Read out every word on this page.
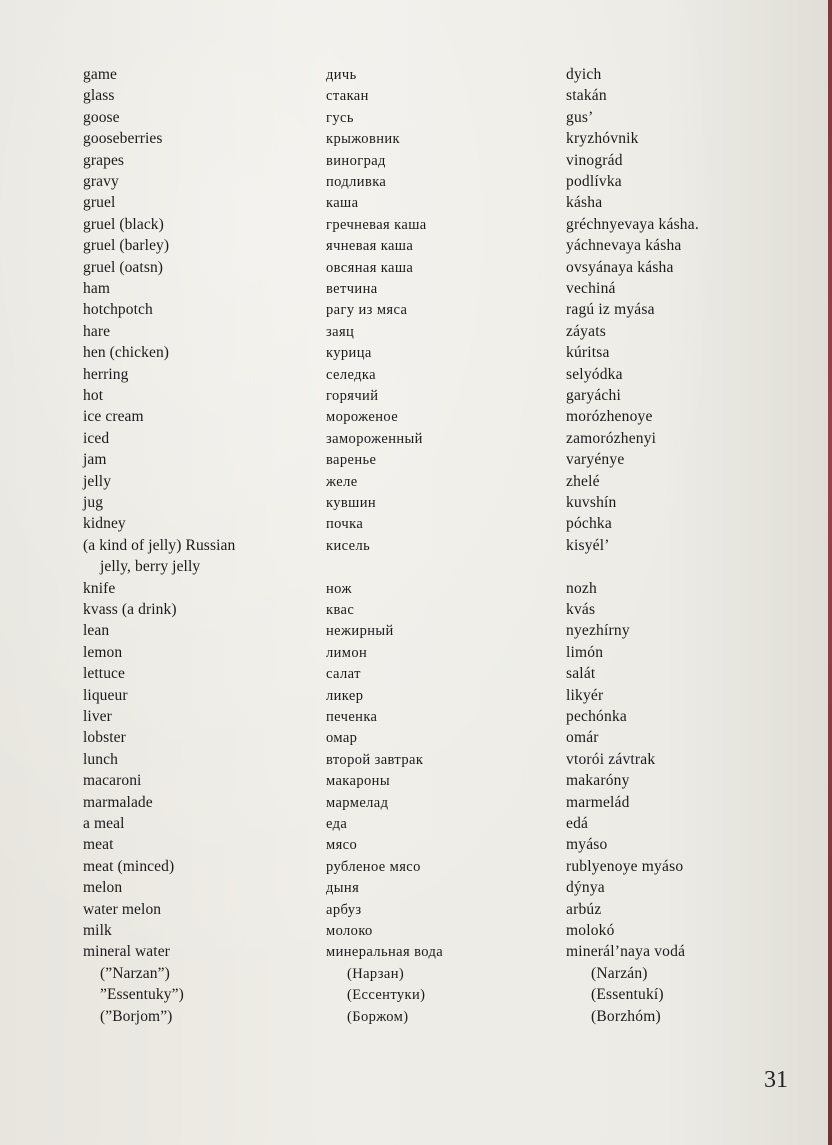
game	дичь	dyich
glass	стакан	stakán
goose	гусь	gus’
gooseberries	крыжовник	kryzhóvnik
grapes	виноград	vinográd
gravy	подливка	podlívka
gruel	каша	kásha
gruel (black)	гречневая каша	gréchnyevaya kásha.
gruel (barley)	ячневая каша	yáchnevaya kásha
gruel (oatsn)	овсяная каша	ovsyánaya kásha
ham	ветчина	vechiná
hotchpotch	рагу из мяса	ragú iz myása
hare	заяц	záyats
hen (chicken)	курица	kúritsa
herring	селедка	selyódka
hot	горячий	garyáchi
ice cream	мороженое	morózhenoye
iced	замороженный	zamorózhenyi
jam	варенье	varyénye
jelly	желе	zhelé
jug	кувшин	kuvshín
kidney	почка	póchka
(a kind of jelly) Russian	кисель	kisyél’
jelly, berry jelly
knife	нож	nozh
kvass (a drink)	квас	kvás
lean	нежирный	nyezhírny
lemon	лимон	limón
lettuce	салат	salát
liqueur	ликер	likyér
liver	печенка	pechónka
lobster	омар	omár
lunch	второй завтрак	vtorói závtrak
macaroni	макароны	makaróny
marmalade	мармелад	marmelád
a meal	еда	edá
meat	мясо	myáso
meat (minced)	рубленое мясо	rublyenoye myáso
melon	дыня	dýnya
water melon	арбуз	arbúz
milk	молоко	molokó
mineral water	минеральная вода	minerál’naya vodá
(”Narzan”)	(Нарзан)	(Narzán)
”Essentuky”)	(Ессентуки)	(Essentukí)
(”Borjom”)	(Боржом)	(Borzhóm)
31
